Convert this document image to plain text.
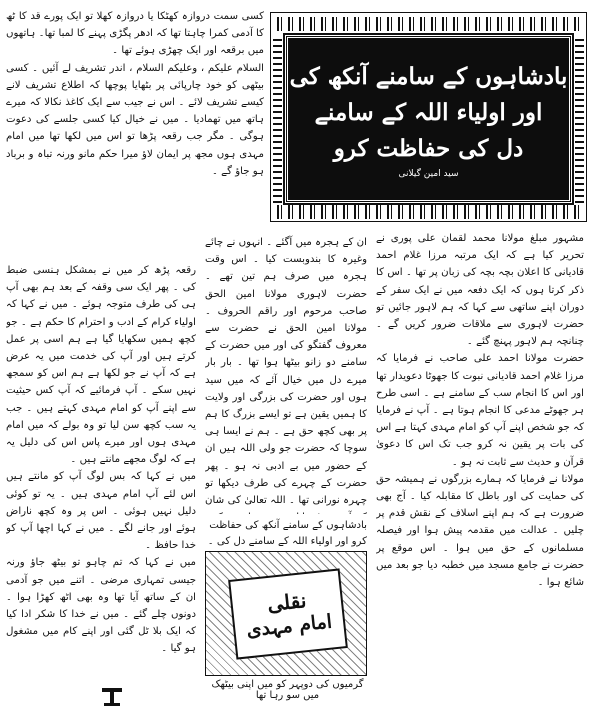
بادشاہوں کے سامنے آنکھ کی
اور اولیاء اللہ کے سامنے
دل کی حفاظت کرو
سید امین گیلانی

کسی سمت دروازہ کھٹکا یا دروازہ کھلا تو ایک پورے قد کا ٹھ کا آدمی کمرا چاہتا تھا کہ ادھر پگڑی پہنے کا لمبا تھا۔ ہاتھوں میں برقعہ اور ایک چھڑی ہوئے تھا ۔

السلام علیکم ، وعلیکم السلام ، اندر تشریف لے آئیں ۔ کسی بیٹھی کو خود چارپائی پر بٹھایا پوچھا کہ اطلاع تشریف لانے کیسے تشریف لائے ۔ اس نے جیب سے ایک کاغذ نکالا کہ میرے ہاتھ میں تھمادیا ۔ میں نے خیال کیا کسی جلسے کی دعوت ہوگی ۔ مگر جب رقعہ پڑھا تو اس میں لکھا تھا میں امام مہدی ہوں مجھ پر ایمان لاؤ میرا حکم مانو ورنہ تباہ و برباد ہو جاؤ گے ۔

رقعہ پڑھ کر میں نے بمشکل ہنسی ضبط کی ۔ پھر ایک سی وقفہ کے بعد ہم بھی آپ ہی کی طرف متوجہ ہوئے ۔ میں نے کہا کہ اولیاء کرام کے ادب و احترام کا حکم ہے ۔ جو کچھ ہمیں سکھایا گیا ہے ہم اسی پر عمل کرتے ہیں اور آپ کی خدمت میں یہ عرض ہے کہ آپ نے جو لکھا ہے ہم اس کو سمجھ نہیں سکے ۔ آپ فرمائیے کہ آپ کس حیثیت سے اپنے آپ کو امام مہدی کہتے ہیں ۔ جب یہ سب کچھ سن لیا تو وہ بولے کہ میں امام مہدی ہوں اور میرے پاس اس کی دلیل یہ ہے کہ لوگ مجھے مانتے ہیں ۔

میں نے کہا کہ بس لوگ آپ کو مانتے ہیں اس لئے آپ امام مہدی ہیں ۔ یہ تو کوئی دلیل نہیں ہوئی ۔ اس پر وہ کچھ ناراض ہوئے اور جانے لگے ۔ میں نے کہا اچھا آپ کو خدا حافظ ۔

میں نے کہا کہ تم چاہو تو بیٹھ جاؤ ورنہ جیسی تمہاری مرضی ۔ اتنے میں جو آدمی ان کے ساتھ آیا تھا وہ بھی اٹھ کھڑا ہوا ۔ دونوں چلے گئے ۔ میں نے خدا کا شکر ادا کیا کہ ایک بلا ٹل گئی اور اپنے کام میں مشغول ہو گیا ۔

ان کے ہجرہ میں آگئے ۔ انہوں نے چائے وغیرہ کا بندوبست کیا ۔ اس وقت ہجرہ میں صرف ہم تین تھے ۔ حضرت لاہوری مولانا امین الحق صاحب مرحوم اور راقم الحروف ۔ مولانا امین الحق نے حضرت سے معروف گفتگو کی اور میں حضرت کے سامنے دو زانو بیٹھا ہوا تھا ۔ بار بار میرے دل میں خیال آئے کہ میں سید ہوں اور حضرت کی بزرگی اور ولایت کا ہمیں یقین ہے تو ایسے بزرگ کا ہم پر بھی کچھ حق ہے ۔ ہم نے ایسا ہی سوچا کہ حضرت جو ولی اللہ ہیں ان کے حضور میں بے ادبی نہ ہو ۔ پھر حضرت کے چہرے کی طرف دیکھا تو چہرہ نورانی تھا ۔ اللہ تعالیٰ کی شان

بادشاہوں کے سامنے آنکھ کی حفاظت کرو اور اولیاء اللہ کے سامنے دل کی ۔

مشہور مبلغ مولانا محمد لقمان علی پوری نے تحریر کیا ہے کہ ایک مرتبہ مرزا غلام احمد قادیانی کا اعلان بچہ بچہ کی زبان پر تھا ۔ اس کا ذکر کرتا ہوں کہ ایک دفعہ میں نے ایک سفر کے دوران اپنے ساتھی سے کہا کہ ہم لاہور جائیں تو حضرت لاہوری سے ملاقات ضرور کریں گے ۔ چنانچہ ہم لاہور پہنچ گئے ۔

حضرت مولانا احمد علی صاحب نے فرمایا کہ مرزا غلام احمد قادیانی نبوت کا جھوٹا دعویدار تھا اور اس کا انجام سب کے سامنے ہے ۔ اسی طرح ہر جھوٹے مدعی کا انجام ہوتا ہے ۔ آپ نے فرمایا کہ جو شخص اپنے آپ کو امام مہدی کہتا ہے اس کی بات پر یقین نہ کرو جب تک اس کا دعویٰ قرآن و حدیث سے ثابت نہ ہو ۔

مولانا نے فرمایا کہ ہمارے بزرگوں نے ہمیشہ حق کی حمایت کی اور باطل کا مقابلہ کیا ۔ آج بھی ضرورت ہے کہ ہم اپنے اسلاف کے نقش قدم پر چلیں ۔ عدالت میں مقدمہ پیش ہوا اور فیصلہ مسلمانوں کے حق میں ہوا ۔ اس موقع پر حضرت نے جامع مسجد میں خطبہ دیا جو بعد میں شائع ہوا ۔

نقلی
امام مہدی
گرمیوں کی دوپہر کو میں اپنی بیٹھک میں سو رہا تھا
